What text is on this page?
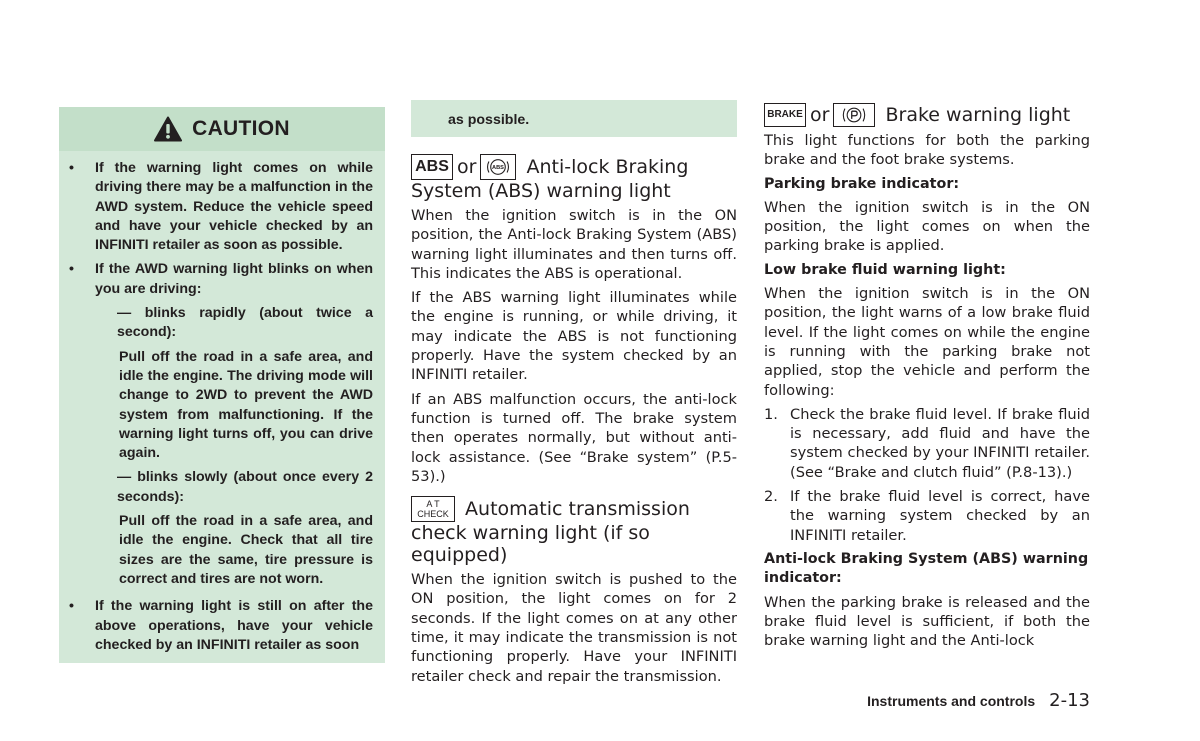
CAUTION
• If the warning light comes on while driving there may be a malfunction in the AWD system. Reduce the vehicle speed and have your vehicle checked by an INFINITI retailer as soon as possible.
• If the AWD warning light blinks on when you are driving:
— blinks rapidly (about twice a second):
Pull off the road in a safe area, and idle the engine. The driving mode will change to 2WD to prevent the AWD system from malfunctioning. If the warning light turns off, you can drive again.
— blinks slowly (about once every 2 seconds):
Pull off the road in a safe area, and idle the engine. Check that all tire sizes are the same, tire pressure is correct and tires are not worn.
• If the warning light is still on after the above operations, have your vehicle checked by an INFINITI retailer as soon
as possible.
ABS or	ABS Anti-lock Braking System (ABS) warning light

When the ignition switch is in the ON position, the Anti-lock Braking System (ABS) warning light illuminates and then turns off. This indicates the ABS is operational.

If the ABS warning light illuminates while the engine is running, or while driving, it may indicate the ABS is not functioning properly. Have the system checked by an INFINITI retailer.

If an ABS malfunction occurs, the anti-lock function is turned off. The brake system then operates normally, but without anti-lock assistance. (See “Brake system” (P.5-53).)

A T
CHECK Automatic transmission check warning light (if so equipped)

When the ignition switch is pushed to the ON position, the light comes on for 2 seconds. If the light comes on at any other time, it may indicate the transmission is not functioning properly. Have your INFINITI retailer check and repair the transmission.

BRAKE or	Brake warning light

This light functions for both the parking brake and the foot brake systems.

Parking brake indicator:

When the ignition switch is in the ON position, the light comes on when the parking brake is applied.

Low brake fluid warning light:

When the ignition switch is in the ON position, the light warns of a low brake fluid level. If the light comes on while the engine is running with the parking brake not applied, stop the vehicle and perform the following:

1. Check the brake fluid level. If brake fluid is necessary, add fluid and have the system checked by your INFINITI retailer. (See “Brake and clutch fluid” (P.8-13).)
2. If the brake fluid level is correct, have the warning system checked by an INFINITI retailer.
Anti-lock Braking System (ABS) warning indicator:

When the parking brake is released and the brake fluid level is sufficient, if both the brake warning light and the Anti-lock

Instruments and controls 2-13
